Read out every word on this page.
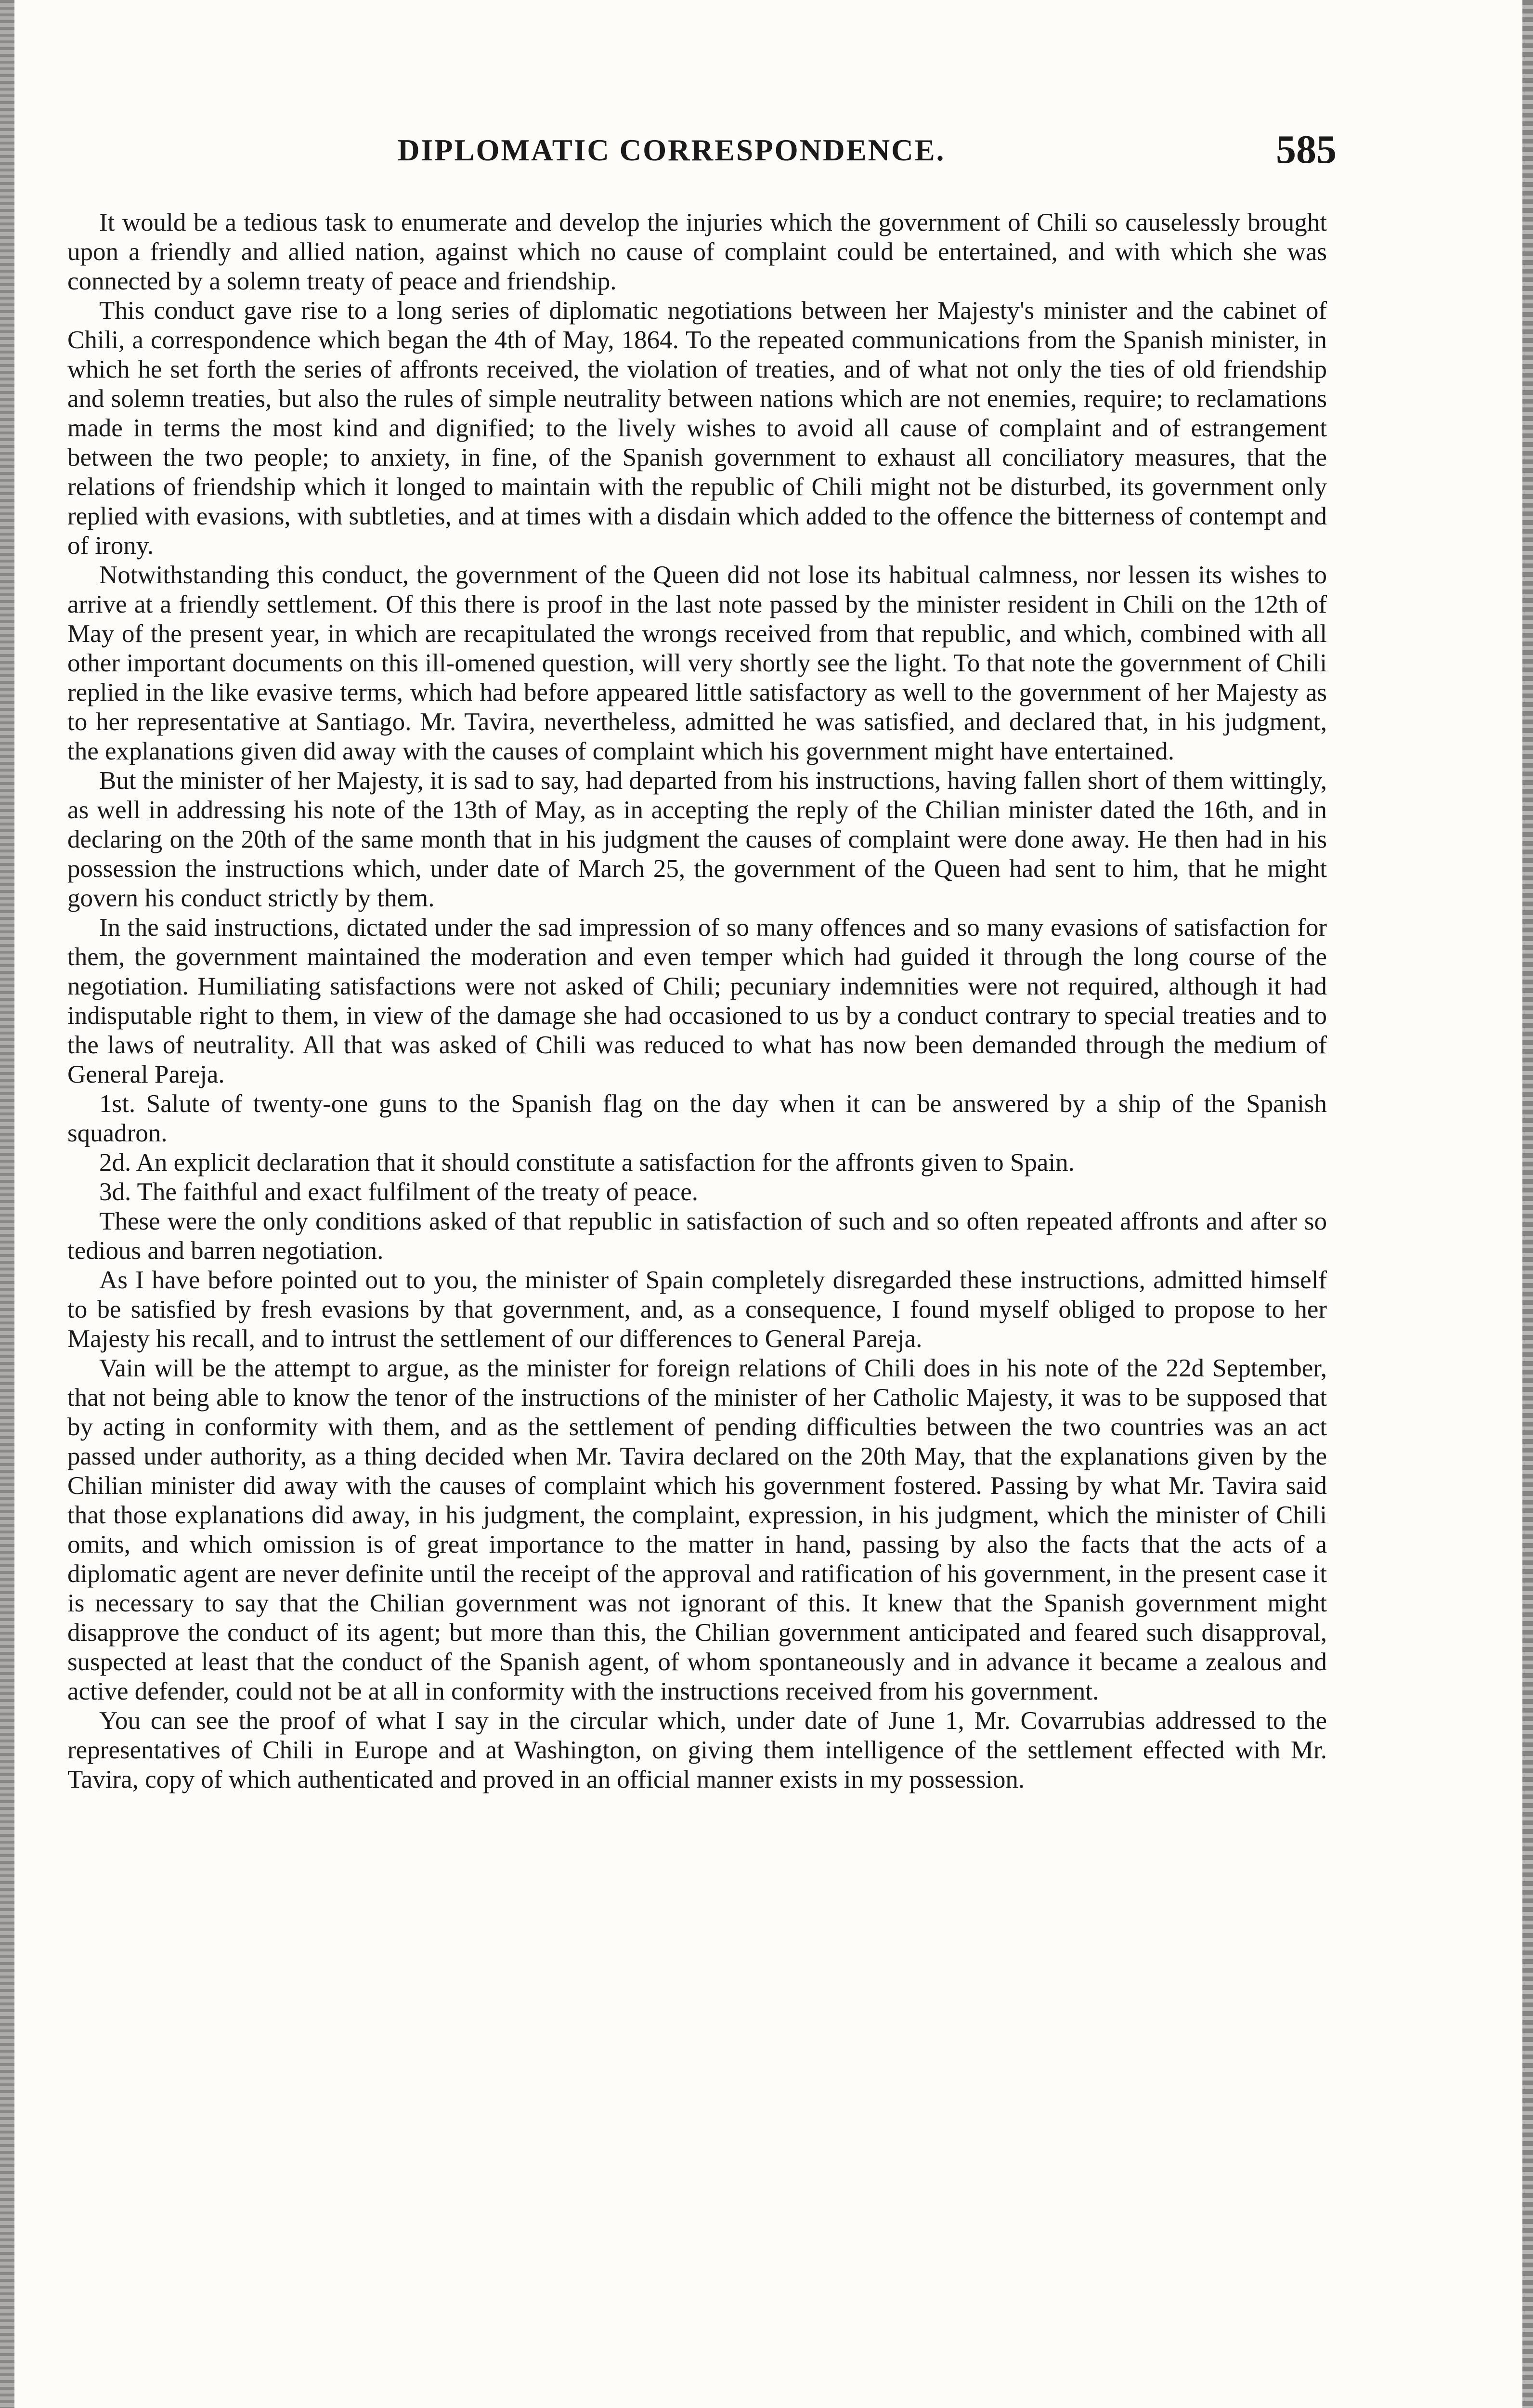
DIPLOMATIC CORRESPONDENCE.	585

It would be a tedious task to enumerate and develop the injuries which the government of Chili so causelessly brought upon a friendly and allied nation, against which no cause of complaint could be entertained, and with which she was connected by a solemn treaty of peace and friendship.

This conduct gave rise to a long series of diplomatic negotiations between her Majesty's minister and the cabinet of Chili, a correspondence which began the 4th of May, 1864. To the repeated communications from the Spanish minister, in which he set forth the series of affronts received, the violation of treaties, and of what not only the ties of old friendship and solemn treaties, but also the rules of simple neutrality between nations which are not enemies, require; to reclamations made in terms the most kind and dignified; to the lively wishes to avoid all cause of complaint and of estrangement between the two people; to anxiety, in fine, of the Spanish government to exhaust all conciliatory measures, that the relations of friendship which it longed to maintain with the republic of Chili might not be disturbed, its government only replied with evasions, with subtleties, and at times with a disdain which added to the offence the bitterness of contempt and of irony.

Notwithstanding this conduct, the government of the Queen did not lose its habitual calmness, nor lessen its wishes to arrive at a friendly settlement. Of this there is proof in the last note passed by the minister resident in Chili on the 12th of May of the present year, in which are recapitulated the wrongs received from that republic, and which, combined with all other important documents on this ill-omened question, will very shortly see the light. To that note the government of Chili replied in the like evasive terms, which had before appeared little satisfactory as well to the government of her Majesty as to her representative at Santiago. Mr. Tavira, nevertheless, admitted he was satisfied, and declared that, in his judgment, the explanations given did away with the causes of complaint which his government might have entertained.

But the minister of her Majesty, it is sad to say, had departed from his instructions, having fallen short of them wittingly, as well in addressing his note of the 13th of May, as in accepting the reply of the Chilian minister dated the 16th, and in declaring on the 20th of the same month that in his judgment the causes of complaint were done away. He then had in his possession the instructions which, under date of March 25, the government of the Queen had sent to him, that he might govern his conduct strictly by them.

In the said instructions, dictated under the sad impression of so many offences and so many evasions of satisfaction for them, the government maintained the moderation and even temper which had guided it through the long course of the negotiation. Humiliating satisfactions were not asked of Chili; pecuniary indemnities were not required, although it had indisputable right to them, in view of the damage she had occasioned to us by a conduct contrary to special treaties and to the laws of neutrality. All that was asked of Chili was reduced to what has now been demanded through the medium of General Pareja.

1st. Salute of twenty-one guns to the Spanish flag on the day when it can be answered by a ship of the Spanish squadron.

2d. An explicit declaration that it should constitute a satisfaction for the affronts given to Spain.

3d. The faithful and exact fulfilment of the treaty of peace.

These were the only conditions asked of that republic in satisfaction of such and so often repeated affronts and after so tedious and barren negotiation.

As I have before pointed out to you, the minister of Spain completely disregarded these instructions, admitted himself to be satisfied by fresh evasions by that government, and, as a consequence, I found myself obliged to propose to her Majesty his recall, and to intrust the settlement of our differences to General Pareja.

Vain will be the attempt to argue, as the minister for foreign relations of Chili does in his note of the 22d September, that not being able to know the tenor of the instructions of the minister of her Catholic Majesty, it was to be supposed that by acting in conformity with them, and as the settlement of pending difficulties between the two countries was an act passed under authority, as a thing decided when Mr. Tavira declared on the 20th May, that the explanations given by the Chilian minister did away with the causes of complaint which his government fostered. Passing by what Mr. Tavira said that those explanations did away, in his judgment, the complaint, expression, in his judgment, which the minister of Chili omits, and which omission is of great importance to the matter in hand, passing by also the facts that the acts of a diplomatic agent are never definite until the receipt of the approval and ratification of his government, in the present case it is necessary to say that the Chilian government was not ignorant of this. It knew that the Spanish government might disapprove the conduct of its agent; but more than this, the Chilian government anticipated and feared such disapproval, suspected at least that the conduct of the Spanish agent, of whom spontaneously and in advance it became a zealous and active defender, could not be at all in conformity with the instructions received from his government.

You can see the proof of what I say in the circular which, under date of June 1, Mr. Covarrubias addressed to the representatives of Chili in Europe and at Washington, on giving them intelligence of the settlement effected with Mr. Tavira, copy of which authenticated and proved in an official manner exists in my possession.
